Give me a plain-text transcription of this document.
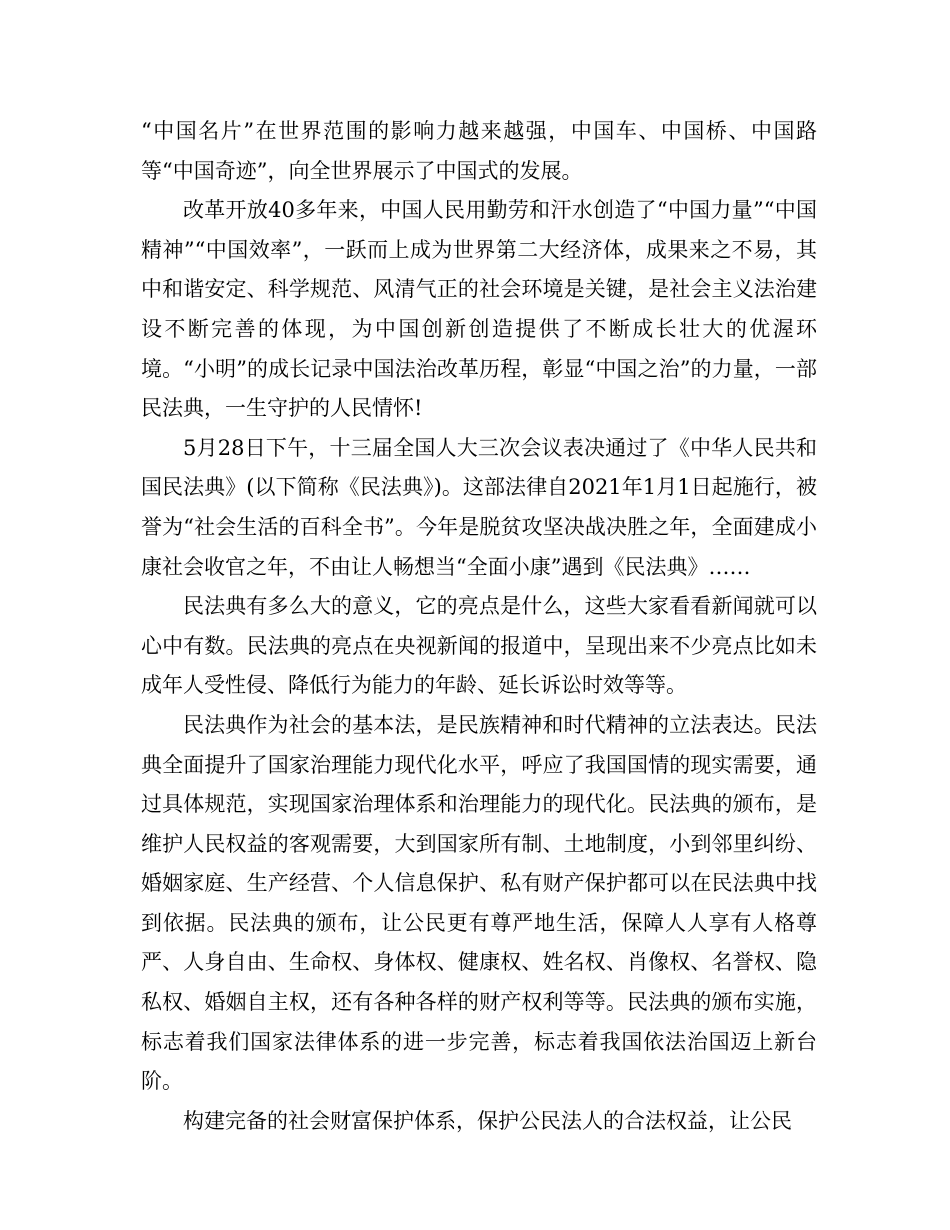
“中国名片”在世界范围的影响力越来越强，中国车、中国桥、中国路等“中国奇迹”，向全世界展示了中国式的发展。

改革开放40多年来，中国人民用勤劳和汗水创造了“中国力量”“中国精神”“中国效率”，一跃而上成为世界第二大经济体，成果来之不易，其中和谐安定、科学规范、风清气正的社会环境是关键，是社会主义法治建设不断完善的体现，为中国创新创造提供了不断成长壮大的优渥环境。“小明”的成长记录中国法治改革历程，彰显“中国之治”的力量，一部民法典，一生守护的人民情怀!

5月28日下午，十三届全国人大三次会议表决通过了《中华人民共和国民法典》(以下简称《民法典》)。这部法律自2021年1月1日起施行，被誉为“社会生活的百科全书”。今年是脱贫攻坚决战决胜之年，全面建成小康社会收官之年，不由让人畅想当“全面小康”遇到《民法典》……

民法典有多么大的意义，它的亮点是什么，这些大家看看新闻就可以心中有数。民法典的亮点在央视新闻的报道中，呈现出来不少亮点比如未成年人受性侵、降低行为能力的年龄、延长诉讼时效等等。

民法典作为社会的基本法，是民族精神和时代精神的立法表达。民法典全面提升了国家治理能力现代化水平，呼应了我国国情的现实需要，通过具体规范，实现国家治理体系和治理能力的现代化。民法典的颁布，是维护人民权益的客观需要，大到国家所有制、土地制度，小到邻里纠纷、婚姻家庭、生产经营、个人信息保护、私有财产保护都可以在民法典中找到依据。民法典的颁布，让公民更有尊严地生活，保障人人享有人格尊严、人身自由、生命权、身体权、健康权、姓名权、肖像权、名誉权、隐私权、婚姻自主权，还有各种各样的财产权利等等。民法典的颁布实施，标志着我们国家法律体系的进一步完善，标志着我国依法治国迈上新台阶。

构建完备的社会财富保护体系，保护公民法人的合法权益，让公民
